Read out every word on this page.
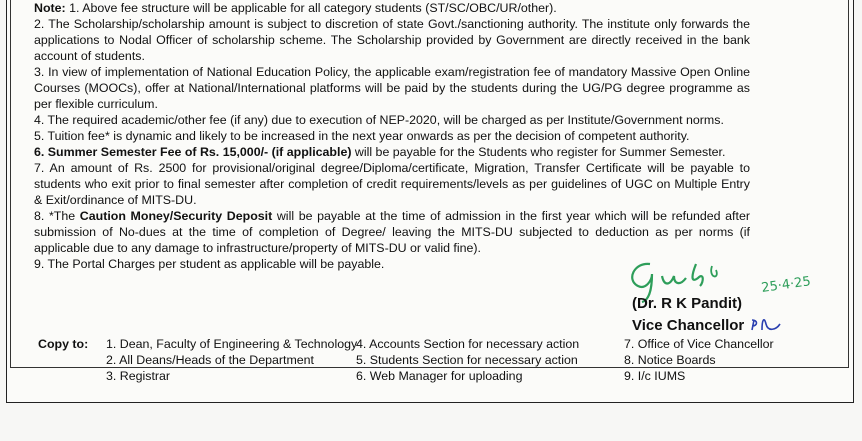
Note: 1. Above fee structure will be applicable for all category students (ST/SC/OBC/UR/other).

2. The Scholarship/scholarship amount is subject to discretion of state Govt./sanctioning authority. The institute only forwards the applications to Nodal Officer of scholarship scheme. The Scholarship provided by Government are directly received in the bank account of students.

3. In view of implementation of National Education Policy, the applicable exam/registration fee of mandatory Massive Open Online Courses (MOOCs), offer at National/International platforms will be paid by the students during the UG/PG degree programme as per flexible curriculum.

4. The required academic/other fee (if any) due to execution of NEP-2020, will be charged as per Institute/Government norms.

5. Tuition fee* is dynamic and likely to be increased in the next year onwards as per the decision of competent authority.

6. Summer Semester Fee of Rs. 15,000/- (if applicable) will be payable for the Students who register for Summer Semester.

7. An amount of Rs. 2500 for provisional/original degree/Diploma/certificate, Migration, Transfer Certificate will be payable to students who exit prior to final semester after completion of credit requirements/levels as per guidelines of UGC on Multiple Entry & Exit/ordinance of MITS-DU.

8. *The Caution Money/Security Deposit will be payable at the time of admission in the first year which will be refunded after submission of No-dues at the time of completion of Degree/ leaving the MITS-DU subjected to deduction as per norms (if applicable due to any damage to infrastructure/property of MITS-DU or valid fine).

9. The Portal Charges per student as applicable will be payable.

25·4·25
(Dr. R K Pandit)
Vice Chancellor
Copy to: 1. Dean, Faculty of Engineering & Technology
2. All Deans/Heads of the Department
3. Registrar
4. Accounts Section for necessary action
5. Students Section for necessary action
6. Web Manager for uploading
7. Office of Vice Chancellor
8. Notice Boards
9. I/c IUMS
